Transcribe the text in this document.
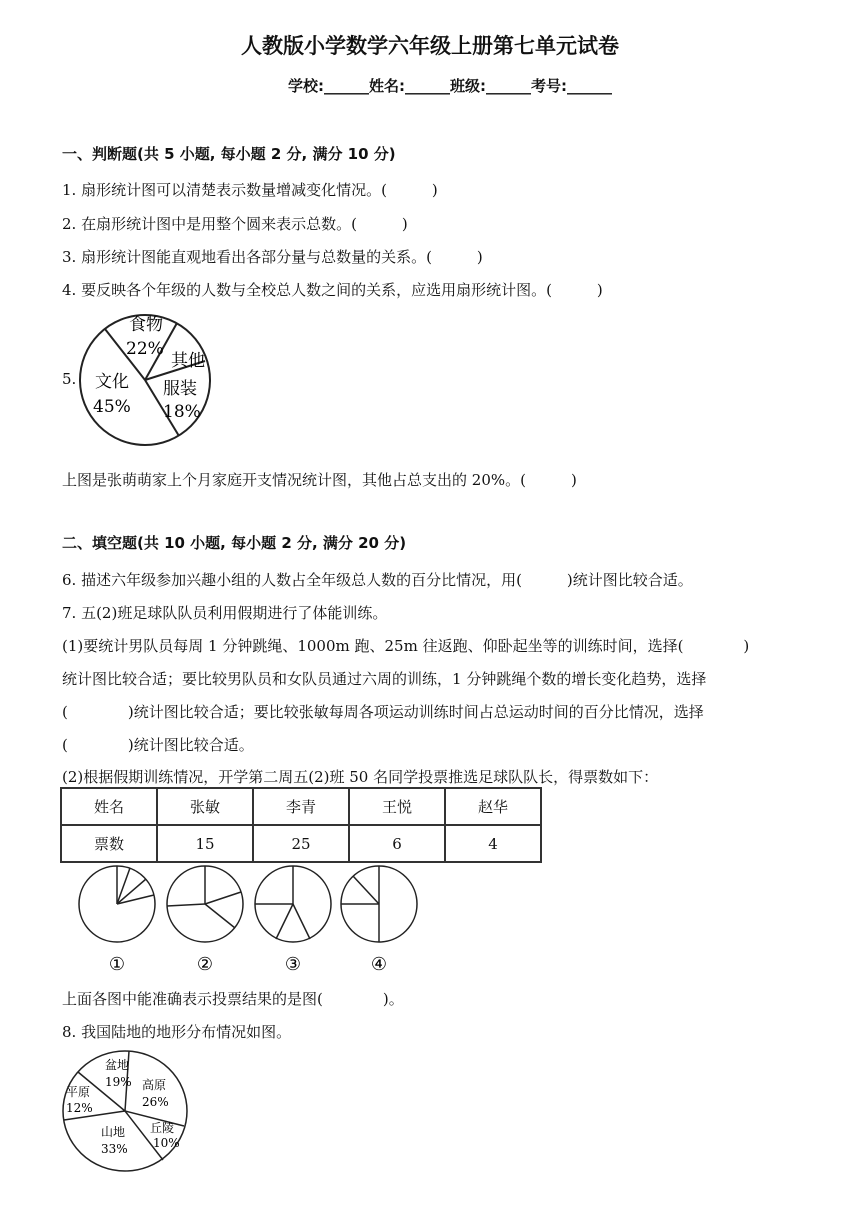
人教版小学数学六年级上册第七单元试卷
学校:______姓名:______班级:______考号:______
一、判断题(共 5 小题, 每小题 2 分, 满分 10 分)
1. 扇形统计图可以清楚表示数量增减变化情况。(　　　)
2. 在扇形统计图中是用整个圆来表示总数。(　　　)
3. 扇形统计图能直观地看出各部分量与总数量的关系。(　　　)
4. 要反映各个年级的人数与全校总人数之间的关系，应选用扇形统计图。(　　　)
5.
食物
22%
其他
文化
45%
服装
18%
上图是张萌萌家上个月家庭开支情况统计图，其他占总支出的 20%。(　　　)
二、填空题(共 10 小题, 每小题 2 分, 满分 20 分)
6. 描述六年级参加兴趣小组的人数占全年级总人数的百分比情况，用(　　　)统计图比较合适。
7. 五(2)班足球队队员利用假期进行了体能训练。
(1)要统计男队员每周 1 分钟跳绳、1000m 跑、25m 往返跑、仰卧起坐等的训练时间，选择(　　　　)
统计图比较合适；要比较男队员和女队员通过六周的训练，1 分钟跳绳个数的增长变化趋势，选择
(　　　　)统计图比较合适；要比较张敏每周各项运动训练时间占总运动时间的百分比情况，选择
(　　　　)统计图比较合适。
(2)根据假期训练情况，开学第二周五(2)班 50 名同学投票推选足球队队长，得票数如下：
姓名	张敏	李青	王悦	赵华
票数	15	25	6	4
①	②	③	④
上面各图中能准确表示投票结果的是图(　　　　)。
8. 我国陆地的地形分布情况如图。
盆地
19% 高原
26%
平原
12%
山地
33%
丘陵
10%
